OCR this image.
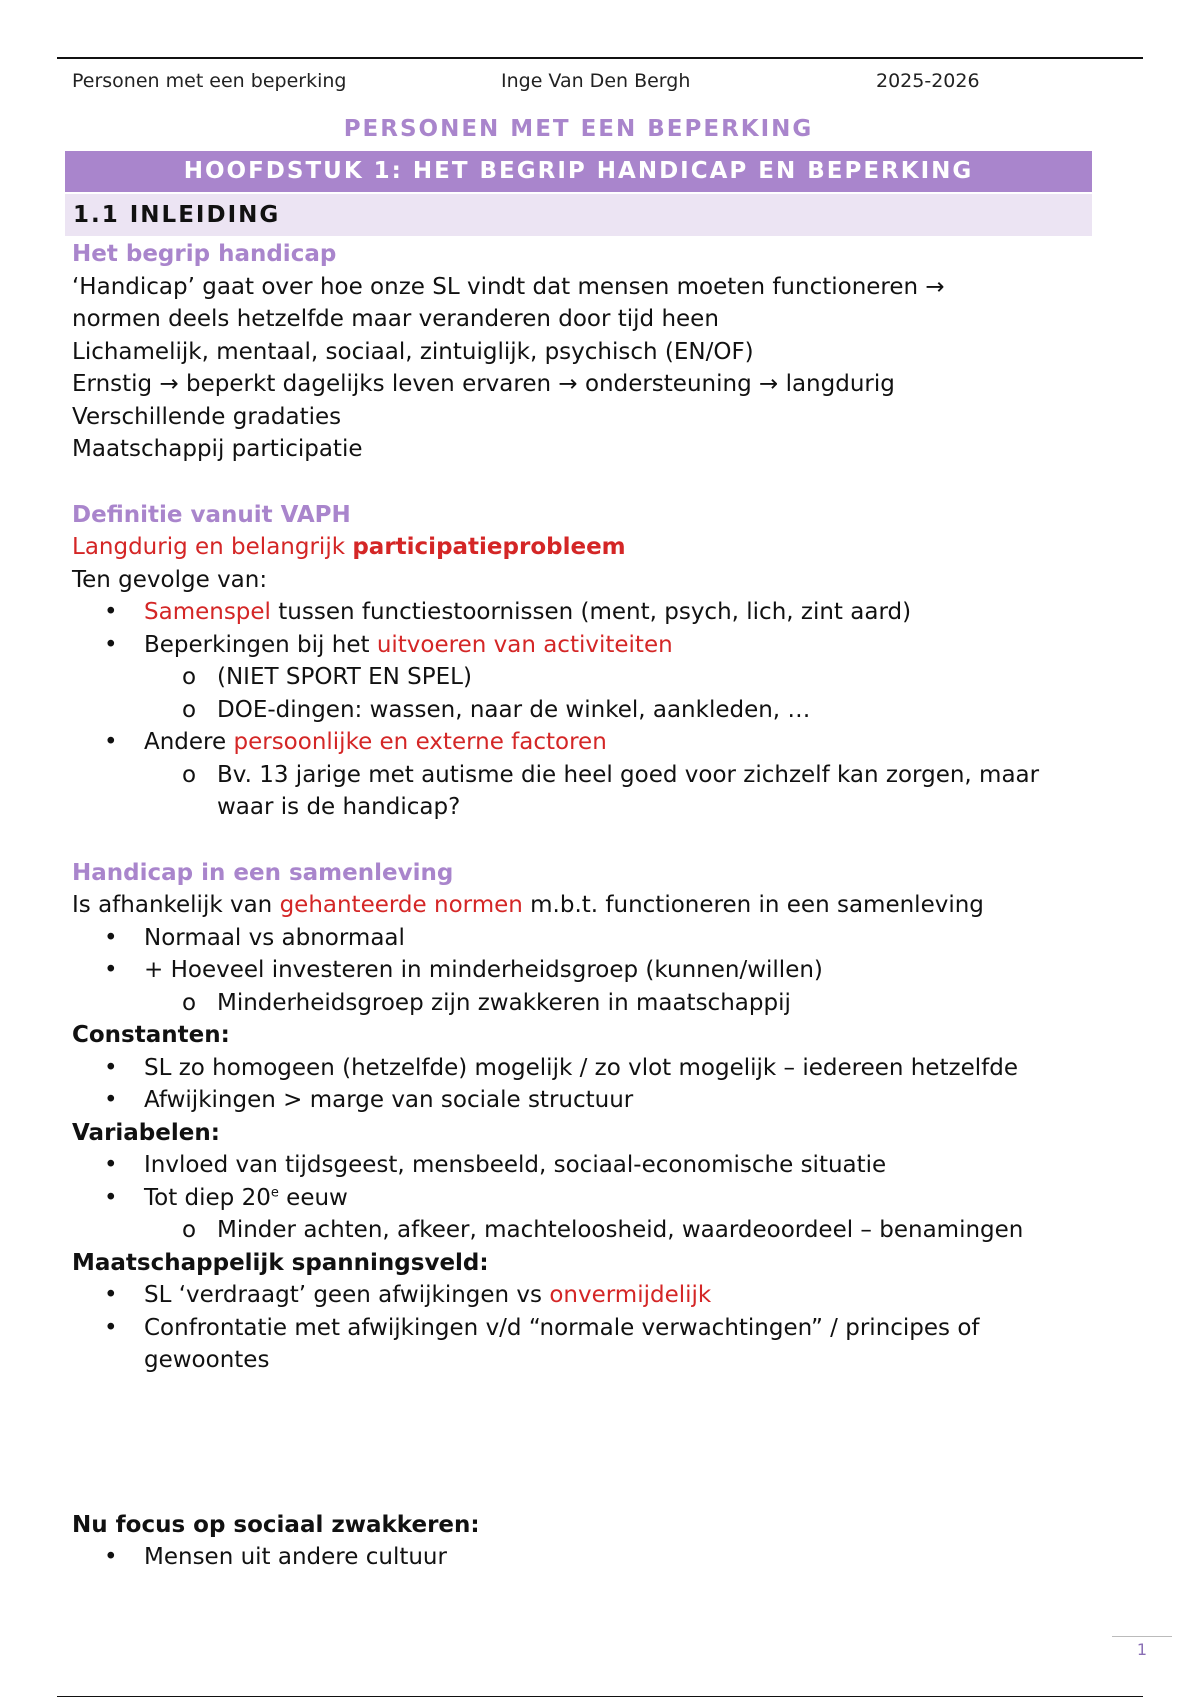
Personen met een beperking	Inge Van Den Bergh	2025-2026
PERSONEN MET EEN BEPERKING
HOOFDSTUK 1: HET BEGRIP HANDICAP EN BEPERKING
1.1 INLEIDING
Het begrip handicap
‘Handicap’ gaat over hoe onze SL vindt dat mensen moeten functioneren →
normen deels hetzelfde maar veranderen door tijd heen
Lichamelijk, mentaal, sociaal, zintuiglijk, psychisch (EN/OF)
Ernstig → beperkt dagelijks leven ervaren → ondersteuning → langdurig
Verschillende gradaties
Maatschappij participatie
Definitie vanuit VAPH
Langdurig en belangrijk participatieprobleem
Ten gevolge van:
• Samenspel tussen functiestoornissen (ment, psych, lich, zint aard)
• Beperkingen bij het uitvoeren van activiteiten
o (NIET SPORT EN SPEL)
o DOE-dingen: wassen, naar de winkel, aankleden, …
• Andere persoonlijke en externe factoren
o Bv. 13 jarige met autisme die heel goed voor zichzelf kan zorgen, maar
waar is de handicap?
Handicap in een samenleving
Is afhankelijk van gehanteerde normen m.b.t. functioneren in een samenleving
• Normaal vs abnormaal
• + Hoeveel investeren in minderheidsgroep (kunnen/willen)
o Minderheidsgroep zijn zwakkeren in maatschappij
Constanten:
• SL zo homogeen (hetzelfde) mogelijk / zo vlot mogelijk – iedereen hetzelfde
• Afwijkingen > marge van sociale structuur
Variabelen:
• Invloed van tijdsgeest, mensbeeld, sociaal-economische situatie
• Tot diep 20e eeuw
o Minder achten, afkeer, machteloosheid, waardeoordeel – benamingen
Maatschappelijk spanningsveld:
• SL ‘verdraagt’ geen afwijkingen vs onvermijdelijk
• Confrontatie met afwijkingen v/d “normale verwachtingen” / principes of
gewoontes
Nu focus op sociaal zwakkeren:
• Mensen uit andere cultuur
1
